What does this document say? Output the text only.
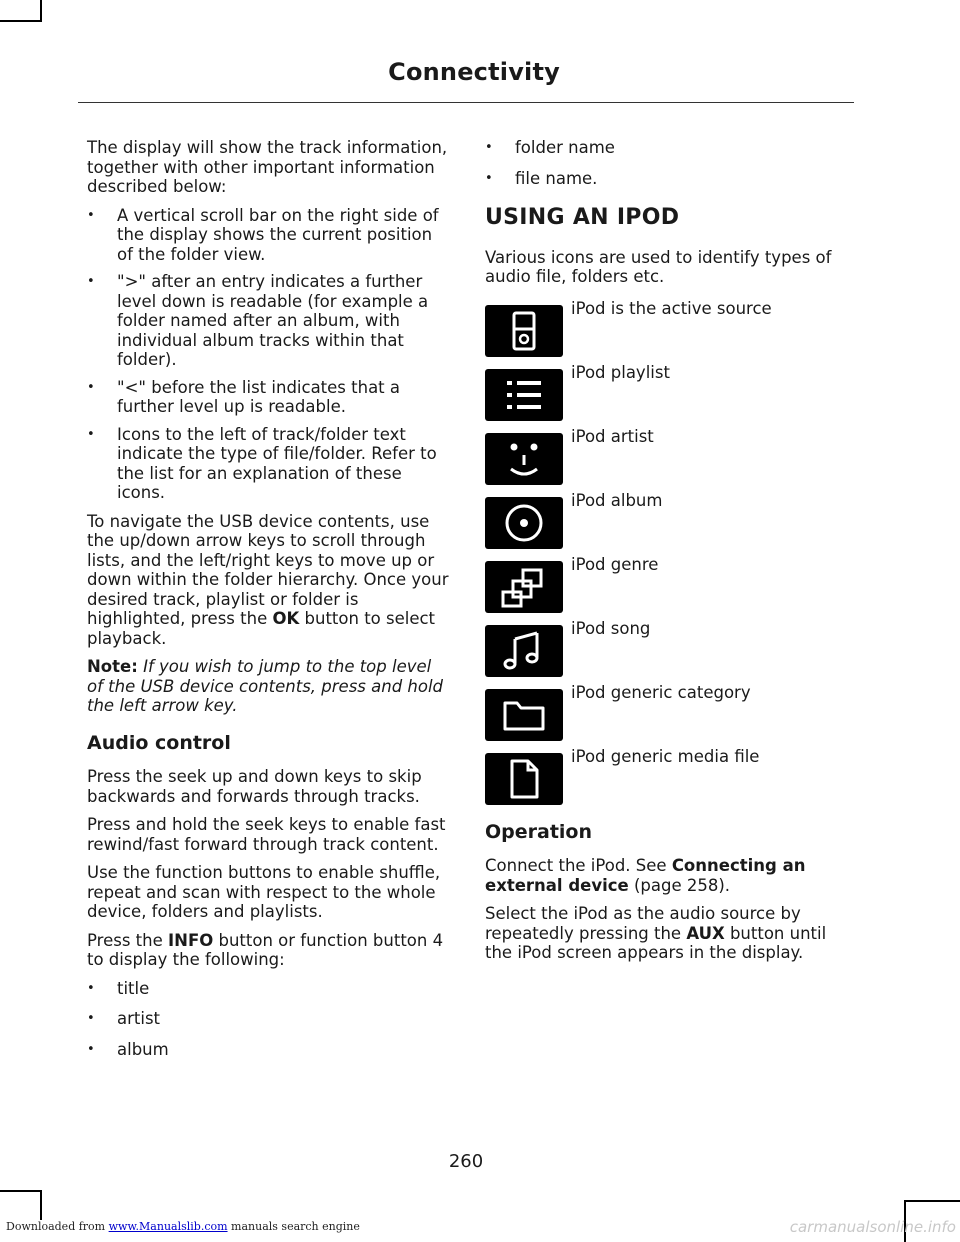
Connectivity

The display will show the track information, together with other important information described below:

• A vertical scroll bar on the right side of the display shows the current position of the folder view.
• ">" after an entry indicates a further level down is readable (for example a folder named after an album, with individual album tracks within that folder).
• "<" before the list indicates that a further level up is readable.
• Icons to the left of track/folder text indicate the type of file/folder. Refer to the list for an explanation of these icons.

To navigate the USB device contents, use the up/down arrow keys to scroll through lists, and the left/right keys to move up or down within the folder hierarchy. Once your desired track, playlist or folder is highlighted, press the OK button to select playback.

Note: If you wish to jump to the top level of the USB device contents, press and hold the left arrow key.

Audio control

Press the seek up and down keys to skip backwards and forwards through tracks.

Press and hold the seek keys to enable fast rewind/fast forward through track content.

Use the function buttons to enable shuffle, repeat and scan with respect to the whole device, folders and playlists.

Press the INFO button or function button 4 to display the following:

• title
• artist
• album
• folder name
• file name.
USING AN IPOD

Various icons are used to identify types of audio file, folders etc.

iPod is the active source
iPod playlist
iPod artist
iPod album
iPod genre
iPod song
iPod generic category
iPod generic media file
Operation

Connect the iPod. See Connecting an external device (page 258).

Select the iPod as the audio source by repeatedly pressing the AUX button until the iPod screen appears in the display.

260
Downloaded from www.Manualslib.com manuals search engine	carmanualsonline.info
